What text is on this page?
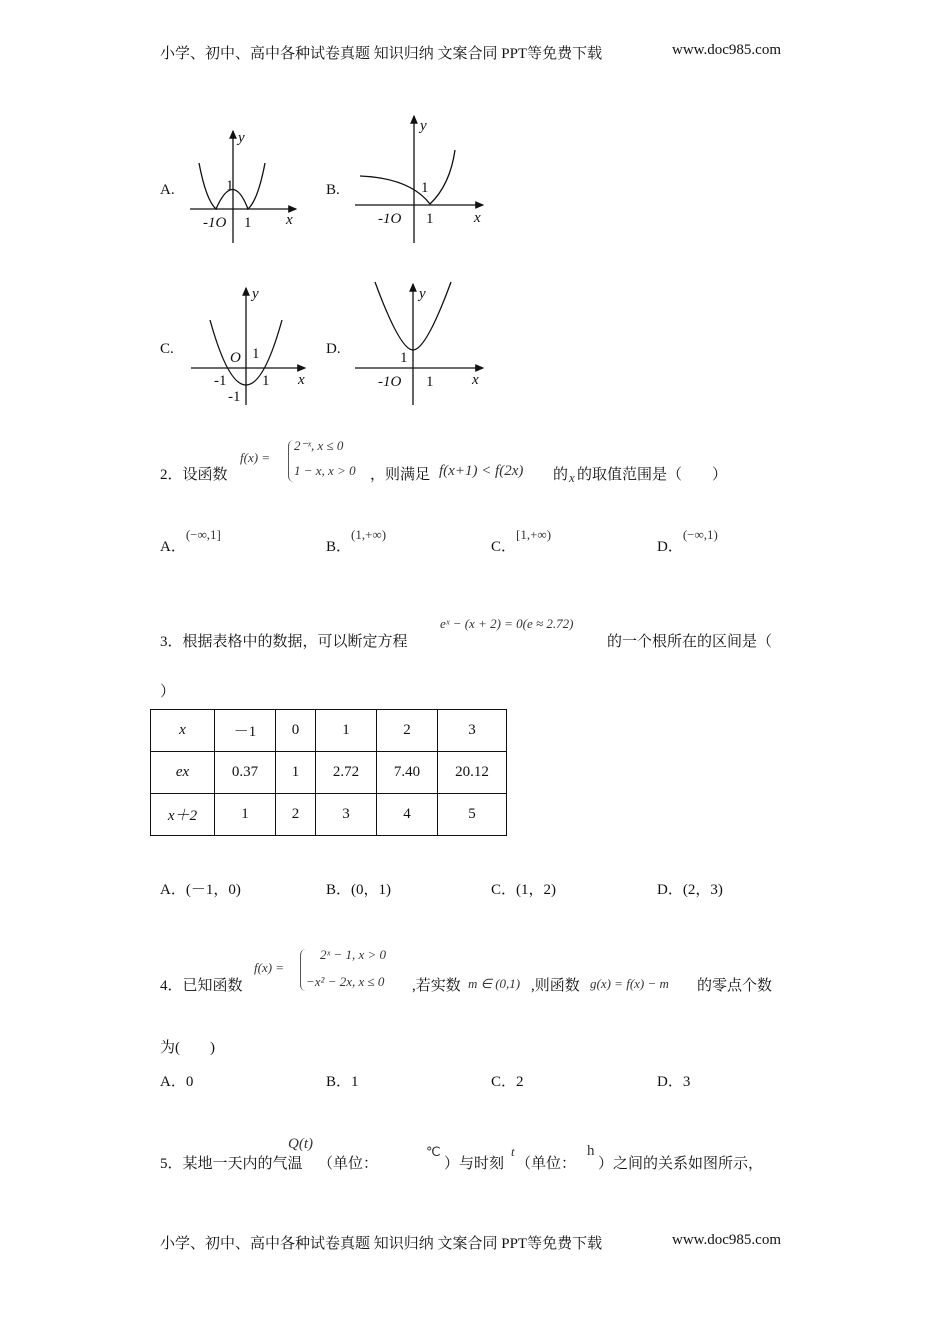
小学、初中、高中各种试卷真题 知识归纳 文案合同 PPT等免费下载	www.doc985.com
A.	B.
C.	D.
1
-1O 1 x
y
1
-1O 1	x
y
O 1
-1 1
-1
x
y
1
-1O 1	x
y
2．设函数
f(x) =
2⁻ˣ, x ≤ 0
1 − x, x > 0 ，则满足 f(x+1) < f(2x) 的 x 的取值范围是（　　）
A．(−∞,1]
B．(1,+∞)
C．[1,+∞)
D．(−∞,1)
3．根据表格中的数据，可以断定方程
eˣ − (x + 2) = 0(e ≈ 2.72)
的一个根所在的区间是（
）
x	－1	0	1	2	3
ex	0.37	1	2.72	7.40	20.12
x＋2	1	2	3	4	5
A．(－1，0)	B．(0，1)	C．(1，2)	D．(2，3)
4．已知函数
f(x) =
2ˣ − 1, x > 0
−x² − 2x, x ≤ 0 ,若实数 m ∈ (0,1) ,则函数 g(x) = f(x) − m 的零点个数
为(　　)
A．0	B．1	C．2	D．3
5．某地一天内的气温
Q(t)
（单位：
℃
）与时刻
t
（单位：
h
）之间的关系如图所示，
小学、初中、高中各种试卷真题 知识归纳 文案合同 PPT等免费下载	www.doc985.com
